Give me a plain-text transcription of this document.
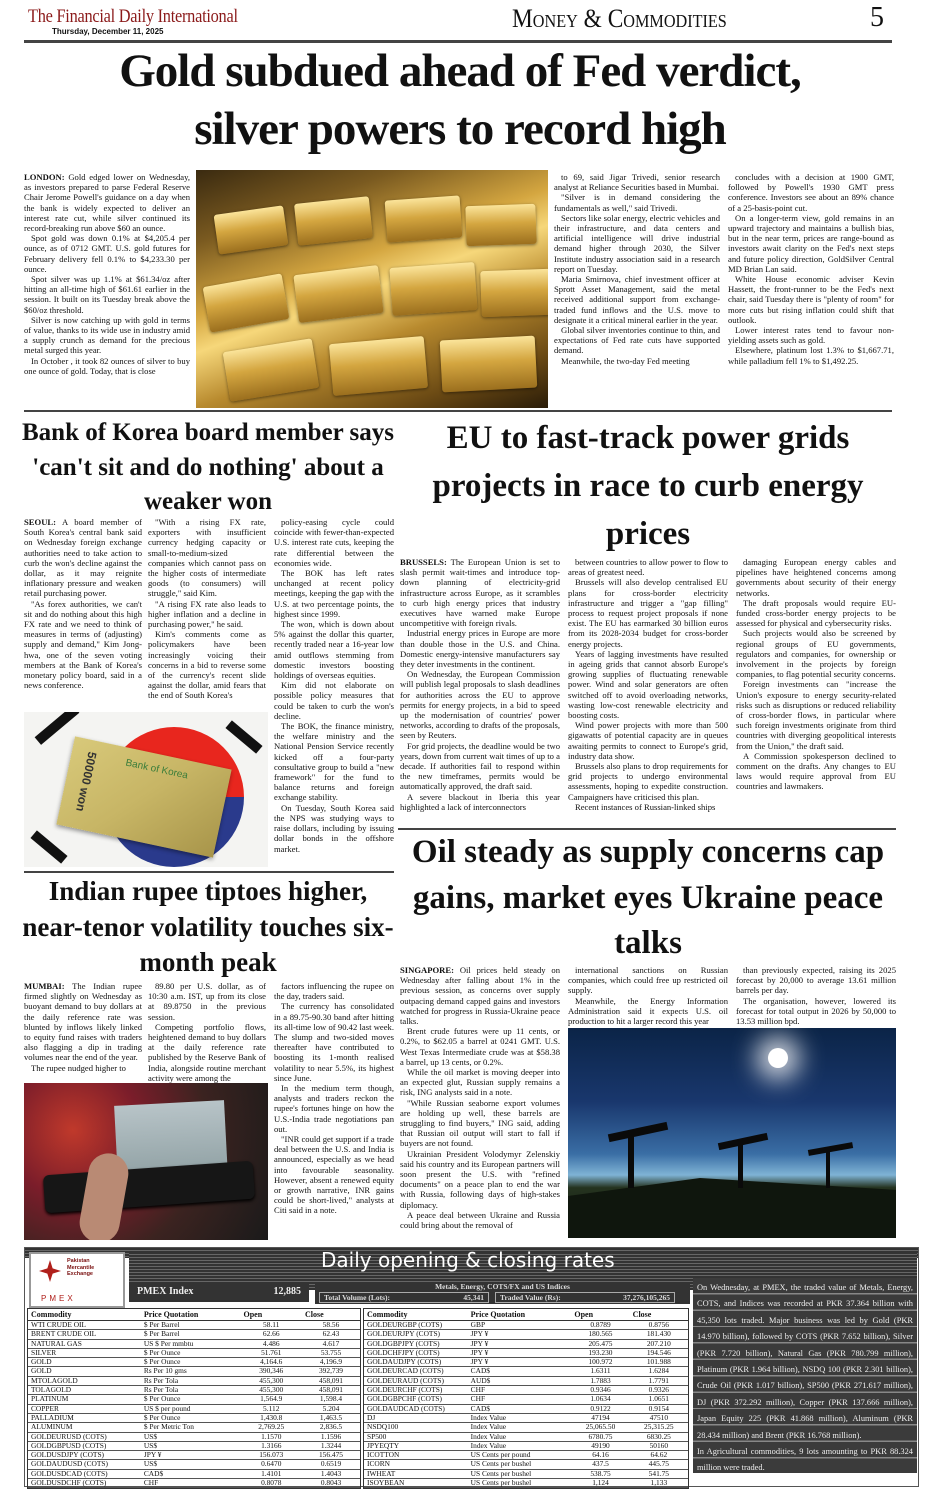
The Financial Daily International
Thursday, December 11, 2025	Money & Commodities	5
Gold subdued ahead of Fed verdict,
silver powers to record high

LONDON: Gold edged lower on Wednesday, as investors prepared to parse Federal Reserve Chair Jerome Powell's guidance on a day when the bank is widely expected to deliver an interest rate cut, while silver continued its record-breaking run above $60 an ounce.

Spot gold was down 0.1% at $4,205.4 per ounce, as of 0712 GMT. U.S. gold futures for February delivery fell 0.1% to $4,233.30 per ounce.

Spot silver was up 1.1% at $61.34/oz after hitting an all-time high of $61.61 earlier in the session. It built on its Tuesday break above the $60/oz threshold.

Silver is now catching up with gold in terms of value, thanks to its wide use in industry amid a supply crunch as demand for the precious metal surged this year.

In October , it took 82 ounces of silver to buy one ounce of gold. Today, that is close

to 69, said Jigar Trivedi, senior research analyst at Reliance Securities based in Mumbai.

"Silver is in demand considering the fundamentals as well," said Trivedi.

Sectors like solar energy, electric vehicles and their infrastructure, and data centers and artificial intelligence will drive industrial demand higher through 2030, the Silver Institute industry association said in a research report on Tuesday.

Maria Smirnova, chief investment officer at Sprott Asset Management, said the metal received additional support from exchange-traded fund inflows and the U.S. move to designate it a critical mineral earlier in the year.

Global silver inventories continue to thin, and expectations of Fed rate cuts have supported demand.

Meanwhile, the two-day Fed meeting

concludes with a decision at 1900 GMT, followed by Powell's 1930 GMT press conference. Investors see about an 89% chance of a 25-basis-point cut.

On a longer-term view, gold remains in an upward trajectory and maintains a bullish bias, but in the near term, prices are range-bound as investors await clarity on the Fed's next steps and future policy direction, GoldSilver Central MD Brian Lan said.

White House economic adviser Kevin Hassett, the front-runner to be the Fed's next chair, said Tuesday there is "plenty of room" for more cuts but rising inflation could shift that outlook.

Lower interest rates tend to favour non-yielding assets such as gold.

Elsewhere, platinum lost 1.3% to $1,667.71, while palladium fell 1% to $1,492.25.

Bank of Korea board member says 'can't sit and do nothing' about a weaker won

SEOUL: A board member of South Korea's central bank said on Wednesday foreign exchange authorities need to take action to curb the won's decline against the dollar, as it may reignite inflationary pressure and weaken retail purchasing power.

"As forex authorities, we can't sit and do nothing about this high FX rate and we need to think of measures in terms of (adjusting) supply and demand," Kim Jong-hwa, one of the seven voting members at the Bank of Korea's monetary policy board, said in a news conference.

"With a rising FX rate, exporters with insufficient currency hedging capacity or small-to-medium-sized companies which cannot pass on the higher costs of intermediate goods (to consumers) will struggle," said Kim.

"A rising FX rate also leads to higher inflation and a decline in purchasing power," he said.

Kim's comments come as policymakers have been increasingly voicing their concerns in a bid to reverse some of the currency's recent slide against the dollar, amid fears that the end of South Korea's

policy-easing cycle could coincide with fewer-than-expected U.S. interest rate cuts, keeping the rate differential between the economies wide.

The BOK has left rates unchanged at recent policy meetings, keeping the gap with the U.S. at two percentage points, the highest since 1999.

The won, which is down about 5% against the dollar this quarter, recently traded near a 16-year low amid outflows stemming from domestic investors boosting holdings of overseas equities.

Kim did not elaborate on possible policy measures that could be taken to curb the won's decline.

The BOK, the finance ministry, the welfare ministry and the National Pension Service recently kicked off a four-party consultative group to build a "new framework" for the fund to balance returns and foreign exchange stability.

On Tuesday, South Korea said the NPS was studying ways to raise dollars, including by issuing dollar bonds in the offshore market.

Bank of Korea
50000 won
EU to fast-track power grids projects in race to curb energy prices

BRUSSELS: The European Union is set to slash permit wait-times and introduce top-down planning of electricity-grid infrastructure across Europe, as it scrambles to curb high energy prices that industry executives have warned make Europe uncompetitive with foreign rivals.

Industrial energy prices in Europe are more than double those in the U.S. and China. Domestic energy-intensive manufacturers say they deter investments in the continent.

On Wednesday, the European Commission will publish legal proposals to slash deadlines for authorities across the EU to approve permits for energy projects, in a bid to speed up the modernisation of countries' power networks, according to drafts of the proposals, seen by Reuters.

For grid projects, the deadline would be two years, down from current wait times of up to a decade. If authorities fail to respond within the new timeframes, permits would be automatically approved, the draft said.

A severe blackout in Iberia this year highlighted a lack of interconnectors

between countries to allow power to flow to areas of greatest need.

Brussels will also develop centralised EU plans for cross-border electricity infrastructure and trigger a "gap filling" process to request project proposals if none exist. The EU has earmarked 30 billion euros from its 2028-2034 budget for cross-border energy projects.

Years of lagging investments have resulted in ageing grids that cannot absorb Europe's growing supplies of fluctuating renewable power. Wind and solar generators are often switched off to avoid overloading networks, wasting low-cost renewable electricity and boosting costs.

Wind power projects with more than 500 gigawatts of potential capacity are in queues awaiting permits to connect to Europe's grid, industry data show.

Brussels also plans to drop requirements for grid projects to undergo environmental assessments, hoping to expedite construction. Campaigners have criticised this plan.

Recent instances of Russian-linked ships

damaging European energy cables and pipelines have heightened concerns among governments about security of their energy networks.

The draft proposals would require EU-funded cross-border energy projects to be assessed for physical and cybersecurity risks.

Such projects would also be screened by regional groups of EU governments, regulators and companies, for ownership or involvement in the projects by foreign companies, to flag potential security concerns.

Foreign investments can "increase the Union's exposure to energy security-related risks such as disruptions or reduced reliability of cross-border flows, in particular where such foreign investments originate from third countries with diverging geopolitical interests from the Union," the draft said.

A Commission spokesperson declined to comment on the drafts. Any changes to EU laws would require approval from EU countries and lawmakers.

Indian rupee tiptoes higher, near-tenor volatility touches six-month peak

MUMBAI: The Indian rupee firmed slightly on Wednesday as buoyant demand to buy dollars at the daily reference rate was blunted by inflows likely linked to equity fund raises with traders also flagging a dip in trading volumes near the end of the year.

The rupee nudged higher to

89.80 per U.S. dollar, as of 10:30 a.m. IST, up from its close at 89.8750 in the previous session.

Competing portfolio flows, heightened demand to buy dollars at the daily reference rate published by the Reserve Bank of India, alongside routine merchant activity were among the

factors influencing the rupee on the day, traders said.

The currency has consolidated in a 89.75-90.30 band after hitting its all-time low of 90.42 last week. The slump and two-sided moves thereafter have contributed to boosting its 1-month realised volatility to near 5.5%, its highest since June.

In the medium term though, analysts and traders reckon the rupee's fortunes hinge on how the U.S.-India trade negotiations pan out.

"INR could get support if a trade deal between the U.S. and India is announced, especially as we head into favourable seasonality. However, absent a renewed equity or growth narrative, INR gains could be short-lived," analysts at Citi said in a note.

Oil steady as supply concerns cap gains, market eyes Ukraine peace talks

SINGAPORE: Oil prices held steady on Wednesday after falling about 1% in the previous session, as concerns over supply outpacing demand capped gains and investors watched for progress in Russia-Ukraine peace talks.

Brent crude futures were up 11 cents, or 0.2%, to $62.05 a barrel at 0241 GMT. U.S. West Texas Intermediate crude was at $58.38 a barrel, up 13 cents, or 0.2%.

While the oil market is moving deeper into an expected glut, Russian supply remains a risk, ING analysts said in a note.

"While Russian seaborne export volumes are holding up well, these barrels are struggling to find buyers," ING said, adding that Russian oil output will start to fall if buyers are not found.

Ukrainian President Volodymyr Zelenskiy said his country and its European partners will soon present the U.S. with "refined documents" on a peace plan to end the war with Russia, following days of high-stakes diplomacy.

A peace deal between Ukraine and Russia could bring about the removal of

international sanctions on Russian companies, which could free up restricted oil supply.

Meanwhile, the Energy Information Administration said it expects U.S. oil production to hit a larger record this year

than previously expected, raising its 2025 forecast by 20,000 to average 13.61 million barrels per day.

The organisation, however, lowered its forecast for total output in 2026 by 50,000 to 13.53 million bpd.

Pakistan
Mercantile
Exchange
PMEX
Daily opening & closing rates
PMEX Index	12,885	Metals, Energy, COTS/FX and US Indices
Total Volume (Lots):	45,341 Traded Value (Rs):	37,276,105,265
Commodity	Price Quotation	Open	Close
WTI CRUDE OIL	$ Per Barrel	58.11	58.56
BRENT CRUDE OIL	$ Per Barrel	62.66	62.43
NATURAL GAS	US $ Per mmbtu	4.486	4.617
SILVER	$ Per Ounce	51.761	53.755
GOLD	$ Per Ounce	4,164.6	4,196.9
GOLD	Rs Per 10 gms	390,346	392,739
MTOLAGOLD	Rs Per Tola	455,300	458,091
TOLAGOLD	Rs Per Tola	455,300	458,091
PLATINUM	$ Per Ounce	1,564.9	1,598.4
COPPER	US $ per pound	5.112	5.204
PALLADIUM	$ Per Ounce	1,430.8	1,463.5
ALUMINUM	$ Per Metric Ton	2,769.25	2,836.5
GOLDEURUSD (COTS)	US$	1.1570	1.1596
GOLDGBPUSD (COTS)	US$	1.3166	1.3244
GOLDUSDJPY (COTS)	JPY ¥	156.073	156.475
GOLDAUDUSD (COTS)	US$	0.6470	0.6519
GOLDUSDCAD (COTS)	CAD$	1.4101	1.4043
GOLDUSDCHF (COTS)	CHF	0.8078	0.8043
Commodity	Price Quotation	Open	Close
GOLDEURGBP (COTS)	GBP	0.8789	0.8756
GOLDEURJPY (COTS)	JPY ¥	180.565	181.430
GOLDGBPJPY (COTS)	JPY ¥	205.475	207.210
GOLDCHFJPY (COTS)	JPY ¥	193.230	194.546
GOLDAUDJPY (COTS)	JPY ¥	100.972	101.988
GOLDEURCAD (COTS)	CAD$	1.6311	1.6284
GOLDEURAUD (COTS)	AUD$	1.7883	1.7791
GOLDEURCHF (COTS)	CHF	0.9346	0.9326
GOLDGBPCHF (COTS)	CHF	1.0634	1.0651
GOLDAUDCAD (COTS)	CAD$	0.9122	0.9154
DJ	Index Value	47194	47510
NSDQ100	Index Value	25,065.50	25,315.25
SP500	Index Value	6780.75	6830.25
JPYEQTY	Index Value	49190	50160
ICOTTON	US Cents per pound	64.16	64.62
ICORN	US Cents per bushel	437.5	445.75
IWHEAT	US Cents per bushel	538.75	541.75
ISOYBEAN	US Cents per bushel	1,124	1,133
On Wednesday, at PMEX, the traded value of Metals, Energy, COTS, and Indices was recorded at PKR 37.364 billion with 45,350 lots traded. Major business was led by Gold (PKR 14.970 billion), followed by COTS (PKR 7.652 billion), Silver (PKR 7.720 billion), Natural Gas (PKR 780.799 million), Platinum (PKR 1.964 billion), NSDQ 100 (PKR 2.301 billion), Crude Oil (PKR 1.017 billion), SP500 (PKR 271.617 million), DJ (PKR 372.292 million), Copper (PKR 137.666 million), Japan Equity 225 (PKR 41.868 million), Aluminum (PKR 28.434 million) and Brent (PKR 16.768 million).
In Agricultural commodities, 9 lots amounting to PKR 88.324 million were traded.
